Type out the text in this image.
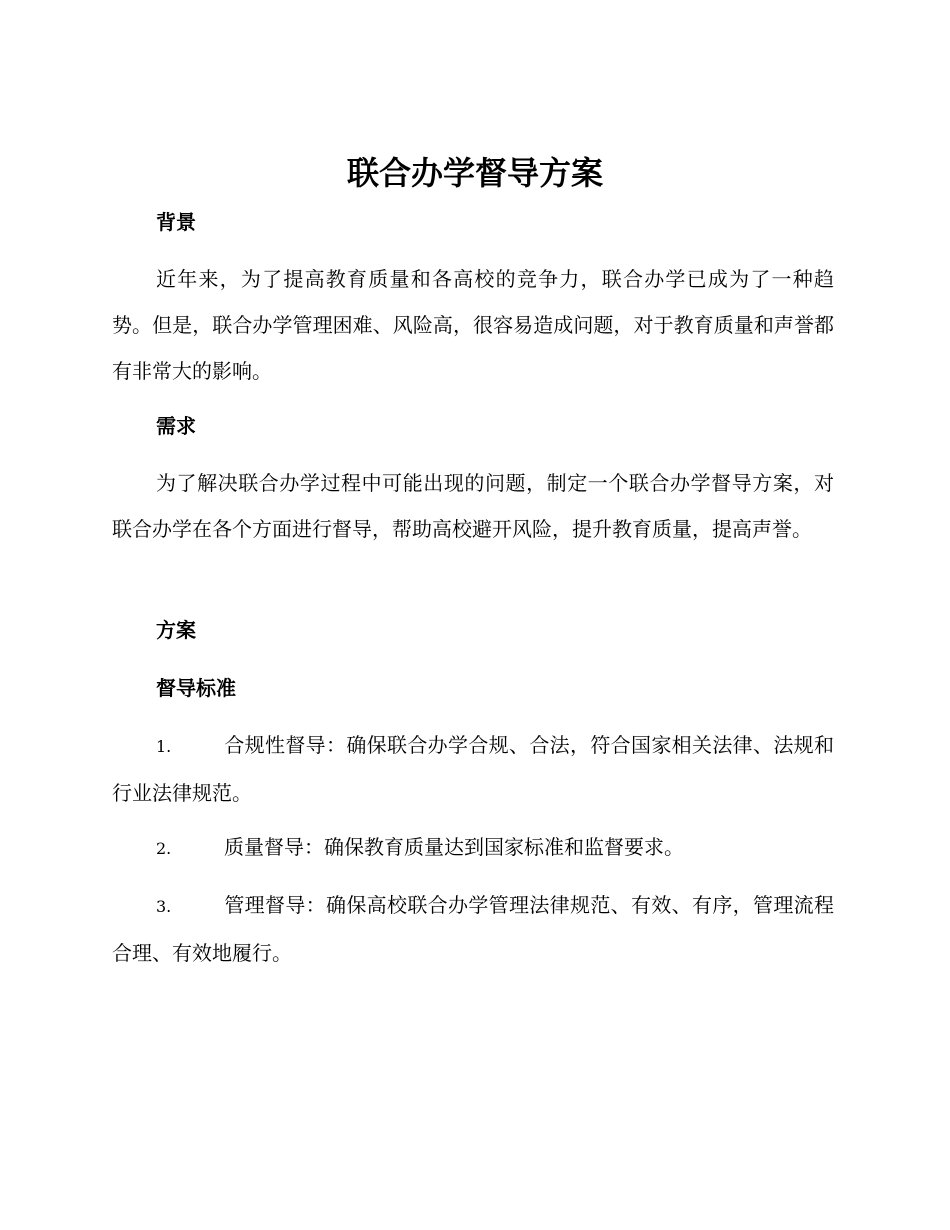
联合办学督导方案
背景

近年来，为了提高教育质量和各高校的竞争力，联合办学已成为了一种趋势。但是，联合办学管理困难、风险高，很容易造成问题，对于教育质量和声誉都有非常大的影响。

需求

为了解决联合办学过程中可能出现的问题，制定一个联合办学督导方案，对联合办学在各个方面进行督导，帮助高校避开风险，提升教育质量，提高声誉。

方案
督导标准

1.	合规性督导：确保联合办学合规、合法，符合国家相关法律、法规和行业法律规范。

2.	质量督导：确保教育质量达到国家标准和监督要求。

3.	管理督导：确保高校联合办学管理法律规范、有效、有序，管理流程合理、有效地履行。
